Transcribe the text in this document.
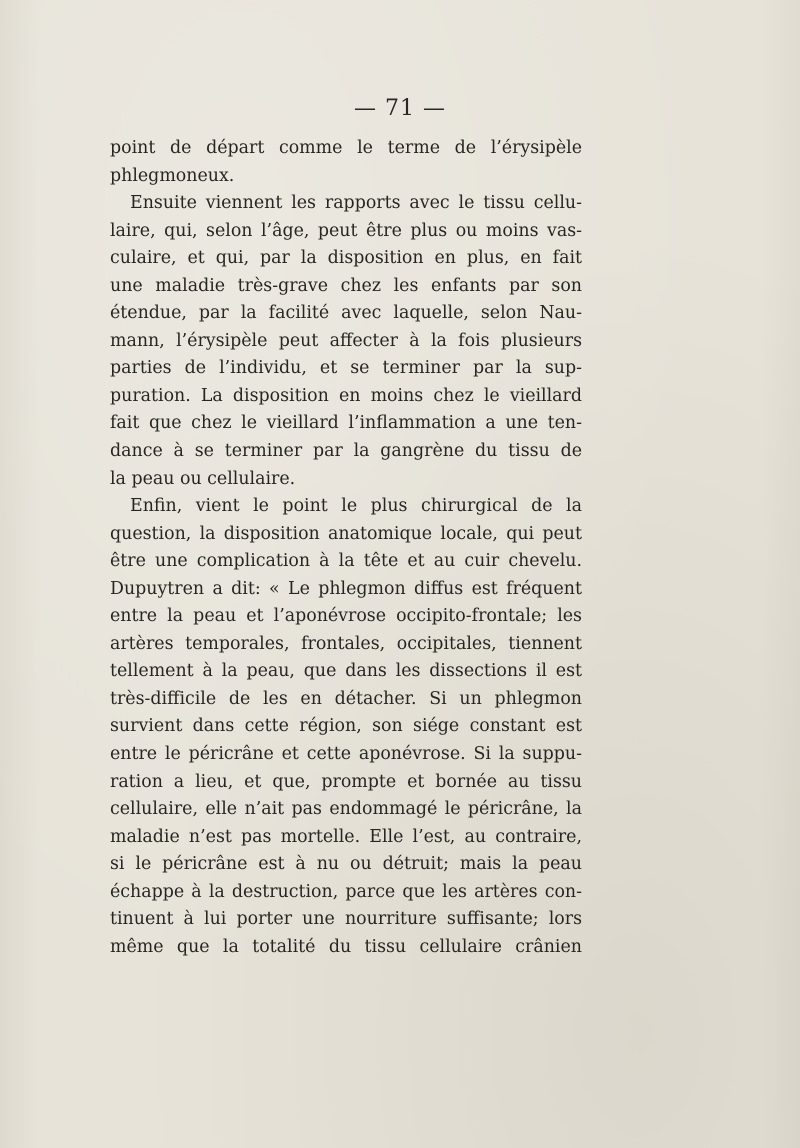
— 71 —
point de départ comme le terme de l’érysipèle
phlegmoneux.
Ensuite viennent les rapports avec le tissu cellu-
laire, qui, selon l’âge, peut être plus ou moins vas-
culaire, et qui, par la disposition en plus, en fait
une maladie très-grave chez les enfants par son
étendue, par la facilité avec laquelle, selon Nau-
mann, l’érysipèle peut affecter à la fois plusieurs
parties de l’individu, et se terminer par la sup-
puration. La disposition en moins chez le vieillard
fait que chez le vieillard l’inflammation a une ten-
dance à se terminer par la gangrène du tissu de
la peau ou cellulaire.
Enfin, vient le point le plus chirurgical de la
question, la disposition anatomique locale, qui peut
être une complication à la tête et au cuir chevelu.
Dupuytren a dit: « Le phlegmon diffus est fréquent
entre la peau et l’aponévrose occipito-frontale; les
artères temporales, frontales, occipitales, tiennent
tellement à la peau, que dans les dissections il est
très-difficile de les en détacher. Si un phlegmon
survient dans cette région, son siége constant est
entre le péricrâne et cette aponévrose. Si la suppu-
ration a lieu, et que, prompte et bornée au tissu
cellulaire, elle n’ait pas endommagé le péricrâne, la
maladie n’est pas mortelle. Elle l’est, au contraire,
si le péricrâne est à nu ou détruit; mais la peau
échappe à la destruction, parce que les artères con-
tinuent à lui porter une nourriture suffisante; lors
même que la totalité du tissu cellulaire crânien
